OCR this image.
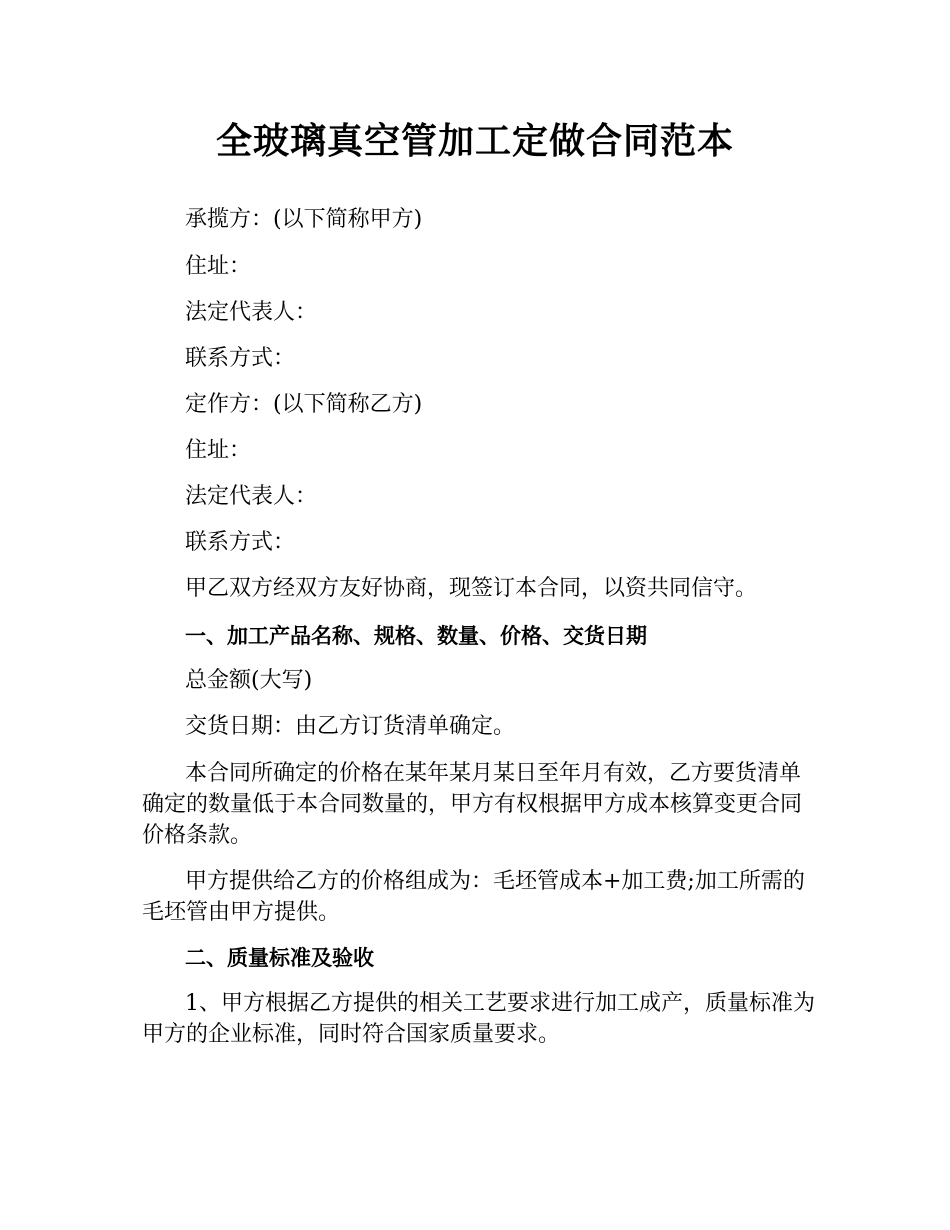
全玻璃真空管加工定做合同范本

承揽方：(以下简称甲方)

住址：

法定代表人：

联系方式：

定作方：(以下简称乙方)

住址：

法定代表人：

联系方式：

甲乙双方经双方友好协商，现签订本合同，以资共同信守。

一、加工产品名称、规格、数量、价格、交货日期

总金额(大写)

交货日期：由乙方订货清单确定。

本合同所确定的价格在某年某月某日至年月有效，乙方要货清单确定的数量低于本合同数量的，甲方有权根据甲方成本核算变更合同价格条款。

甲方提供给乙方的价格组成为：毛坯管成本+加工费;加工所需的毛坯管由甲方提供。

二、质量标准及验收

1、甲方根据乙方提供的相关工艺要求进行加工成产，质量标准为甲方的企业标准，同时符合国家质量要求。
